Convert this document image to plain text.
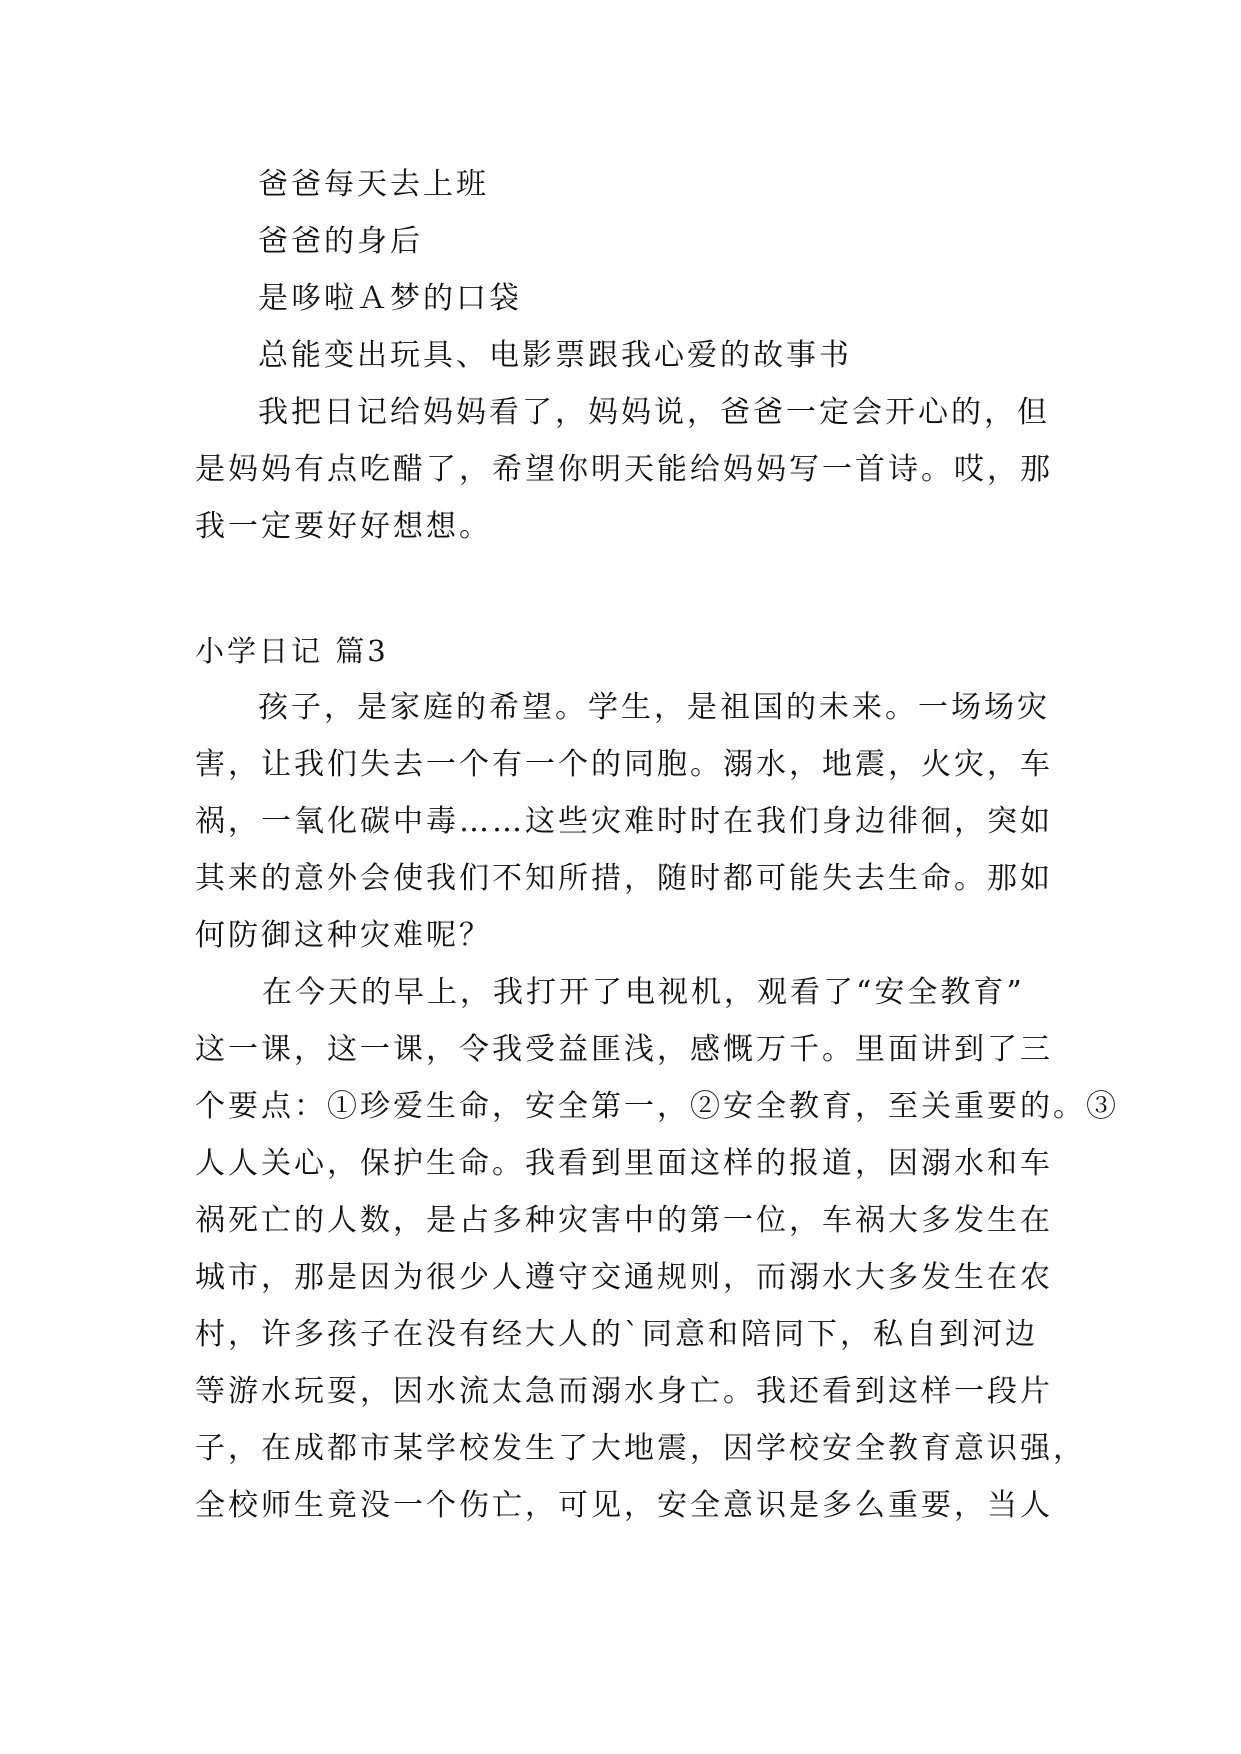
爸爸每天去上班
爸爸的身后
是哆啦Ａ梦的口袋
总能变出玩具、电影票跟我心爱的故事书
我把日记给妈妈看了，妈妈说，爸爸一定会开心的，但
是妈妈有点吃醋了，希望你明天能给妈妈写一首诗。哎，那
我一定要好好想想。
小学日记 篇3
孩子，是家庭的希望。学生，是祖国的未来。一场场灾
害，让我们失去一个有一个的同胞。溺水，地震，火灾，车
祸，一氧化碳中毒……这些灾难时时在我们身边徘徊，突如
其来的意外会使我们不知所措，随时都可能失去生命。那如
何防御这种灾难呢？
在今天的早上，我打开了电视机，观看了“安全教育”
这一课，这一课，令我受益匪浅，感慨万千。里面讲到了三
个要点：①珍爱生命，安全第一，②安全教育，至关重要的。③
人人关心，保护生命。我看到里面这样的报道，因溺水和车
祸死亡的人数，是占多种灾害中的第一位，车祸大多发生在
城市，那是因为很少人遵守交通规则，而溺水大多发生在农
村，许多孩子在没有经大人的`同意和陪同下，私自到河边
等游水玩耍，因水流太急而溺水身亡。我还看到这样一段片
子，在成都市某学校发生了大地震，因学校安全教育意识强，
全校师生竟没一个伤亡，可见，安全意识是多么重要，当人
